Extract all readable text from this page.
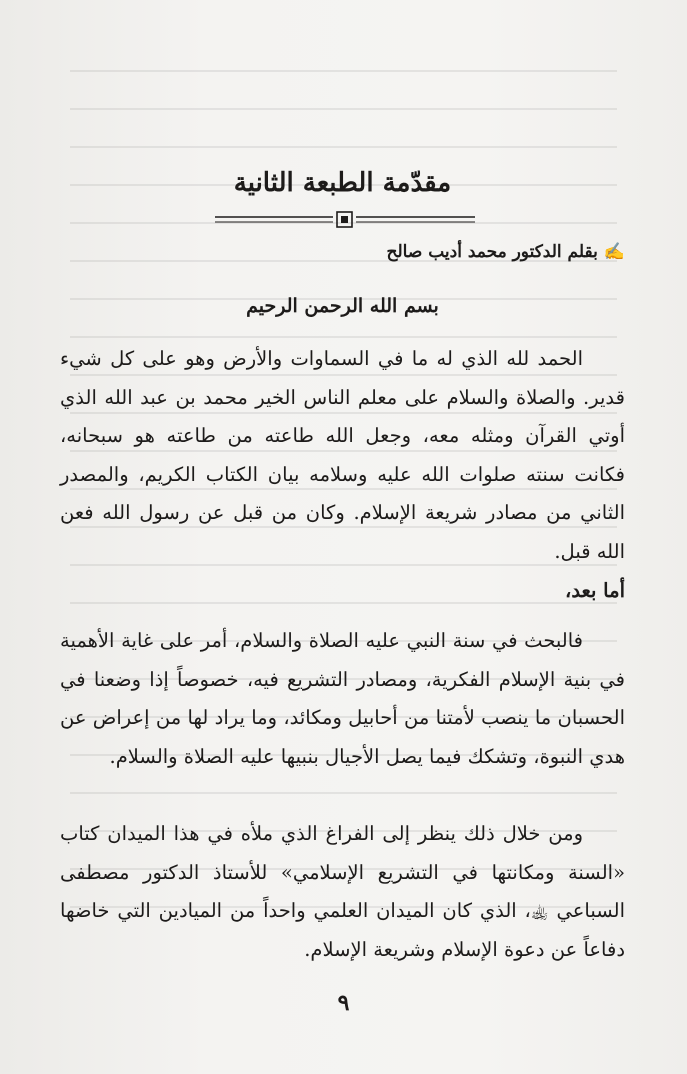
مقدّمة الطبعة الثانية
✍بقلم الدكتور محمد أديب صالح
بسم الله الرحمن الرحيم

الحمد لله الذي له ما في السماوات والأرض وهو على كل شيء قدير. والصلاة والسلام على معلم الناس الخير محمد بن عبد الله الذي أوتي القرآن ومثله معه، وجعل الله طاعته من طاعته هو سبحانه، فكانت سنته صلوات الله عليه وسلامه بيان الكتاب الكريم، والمصدر الثاني من مصادر شريعة الإسلام. وكان من قبل عن رسول الله فعن الله قبل.

أما بعد،

فالبحث في سنة النبي عليه الصلاة والسلام، أمر على غاية الأهمية في بنية الإسلام الفكرية، ومصادر التشريع فيه، خصوصاً إذا وضعنا في الحسبان ما ينصب لأمتنا من أحابيل ومكائد، وما يراد لها من إعراض عن هدي النبوة، وتشكك فيما يصل الأجيال بنبيها عليه الصلاة والسلام.

ومن خلال ذلك ينظر إلى الفراغ الذي ملأه في هذا الميدان كتاب «السنة ومكانتها في التشريع الإسلامي» للأستاذ الدكتور مصطفى السباعي ﵀، الذي كان الميدان العلمي واحداً من الميادين التي خاضها دفاعاً عن دعوة الإسلام وشريعة الإسلام.

٩
